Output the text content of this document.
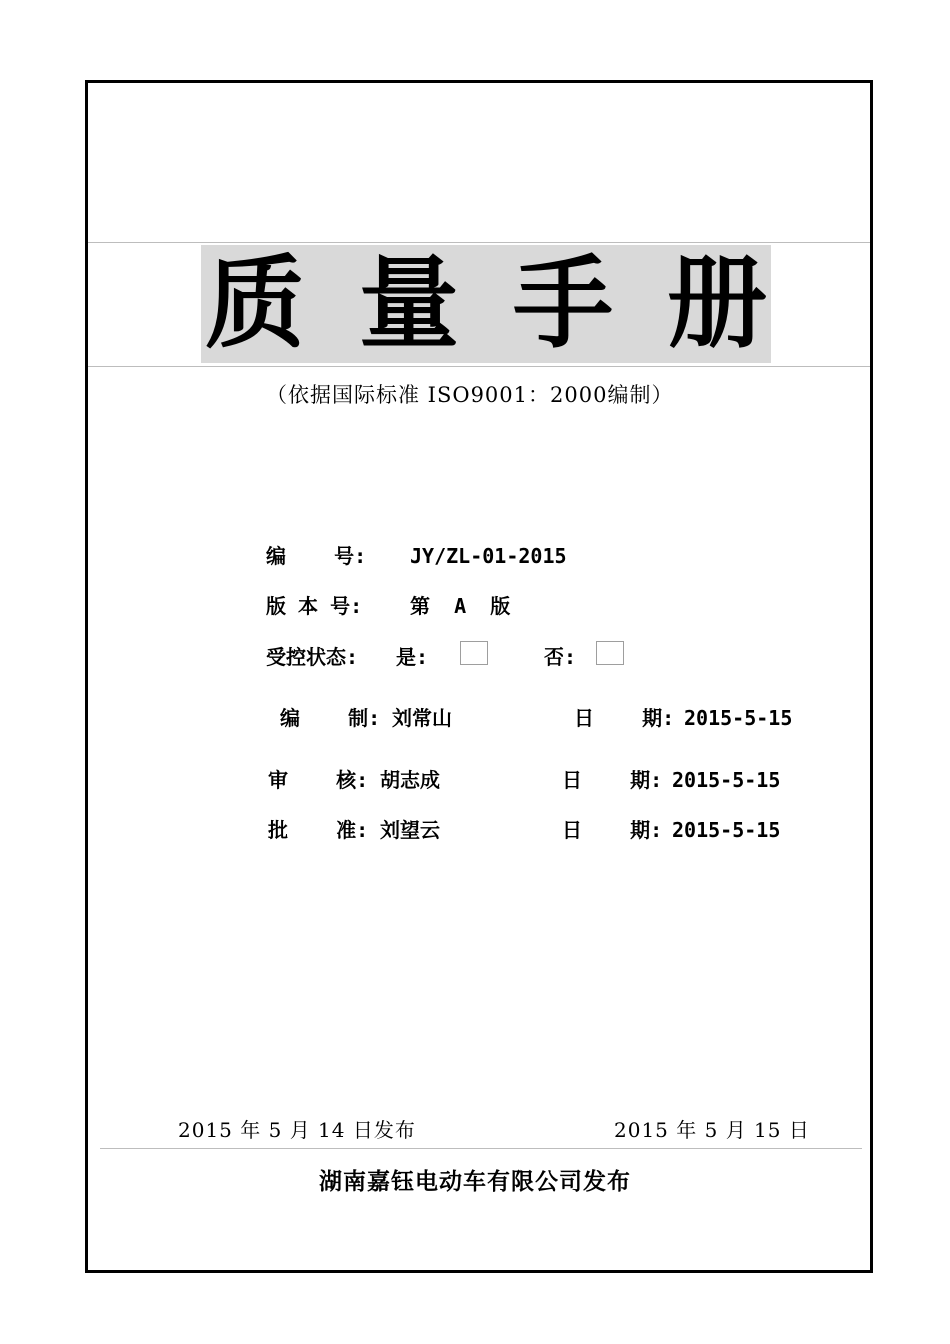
质 量 手 册
（依据国际标准 ISO9001：2000编制）
编    号: JY/ZL-01-2015
版 本 号: 第  A  版
受控状态: 是:	否:
编    制: 刘常山	日    期: 2015-5-15
审    核: 胡志成	日    期: 2015-5-15
批    准: 刘望云	日    期: 2015-5-15
2015 年 5 月 14 日发布	2015 年 5 月 15 日
湖南嘉钰电动车有限公司发布
